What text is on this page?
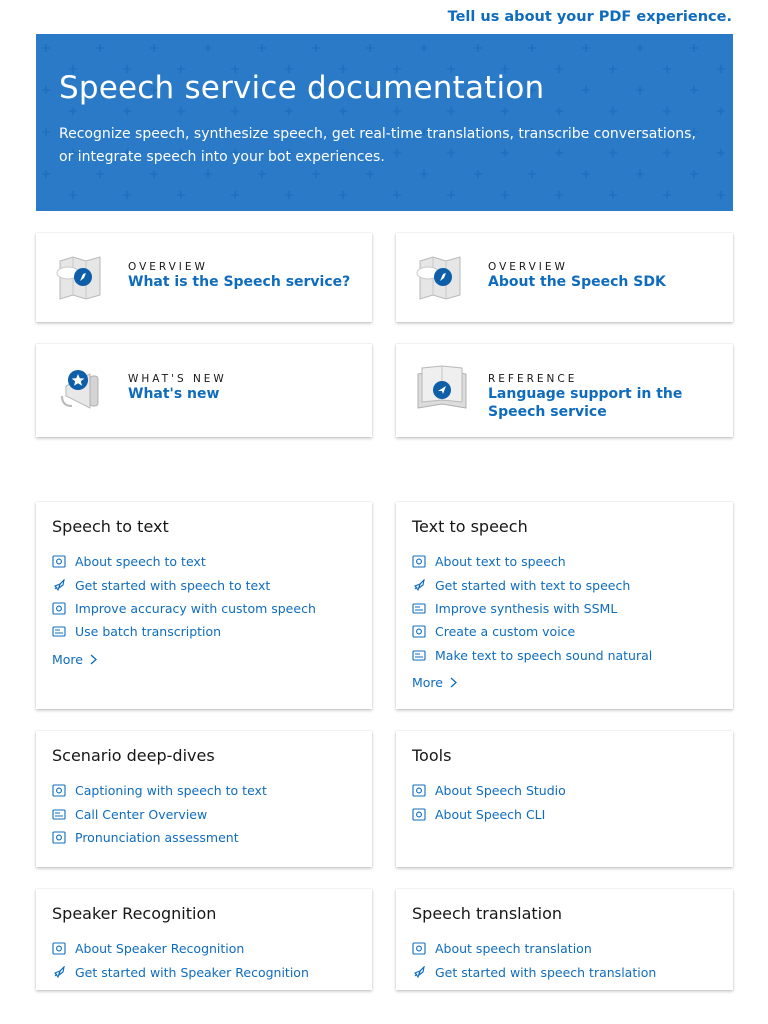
Tell us about your PDF experience.
Speech service documentation

Recognize speech, synthesize speech, get real-time translations, transcribe conversations, or integrate speech into your bot experiences.

OVERVIEW
What is the Speech service?
OVERVIEW
About the Speech SDK
WHAT'S NEW
What's new
REFERENCE
Language support in the Speech service
Speech to text
About speech to text
Get started with speech to text
Improve accuracy with custom speech
Use batch transcription
More
Text to speech
About text to speech
Get started with text to speech
Improve synthesis with SSML
Create a custom voice
Make text to speech sound natural
More
Scenario deep-dives
Captioning with speech to text
Call Center Overview
Pronunciation assessment
Tools
About Speech Studio
About Speech CLI
Speaker Recognition
About Speaker Recognition
Get started with Speaker Recognition
Speech translation
About speech translation
Get started with speech translation
